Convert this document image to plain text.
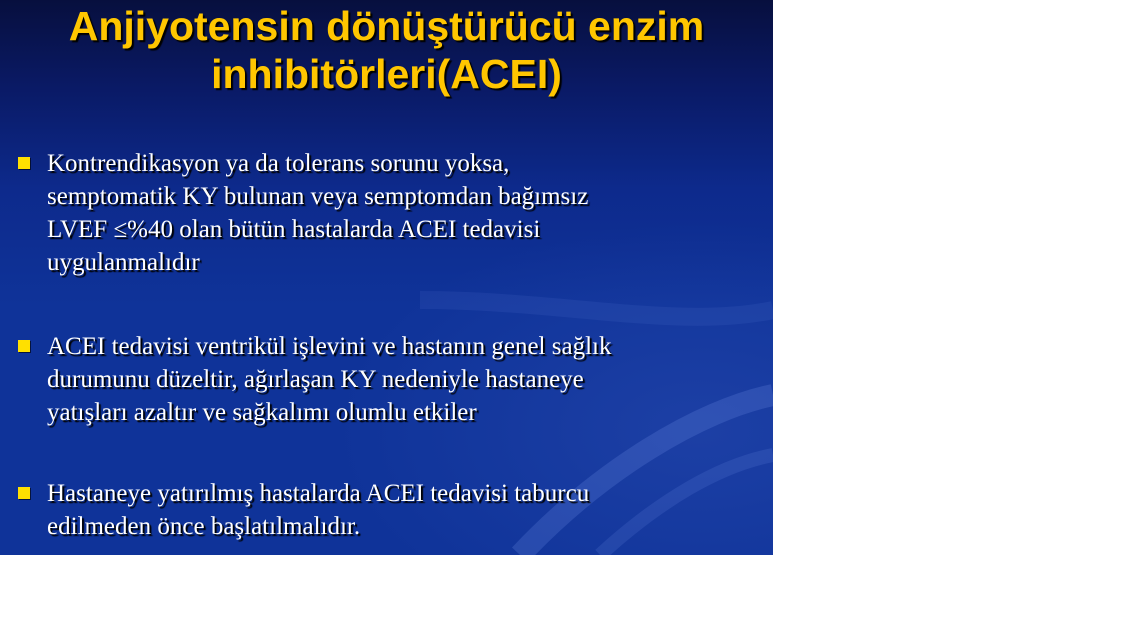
Anjiyotensin dönüştürücü enzim
inhibitörleri(ACEI)
Kontrendikasyon ya da tolerans sorunu yoksa,
semptomatik KY bulunan veya semptomdan bağımsız
LVEF ≤%40 olan bütün hastalarda ACEI tedavisi
uygulanmalıdır
ACEI tedavisi ventrikül işlevini ve hastanın genel sağlık
durumunu düzeltir, ağırlaşan KY nedeniyle hastaneye
yatışları azaltır ve sağkalımı olumlu etkiler
Hastaneye yatırılmış hastalarda ACEI tedavisi taburcu
edilmeden önce başlatılmalıdır.
